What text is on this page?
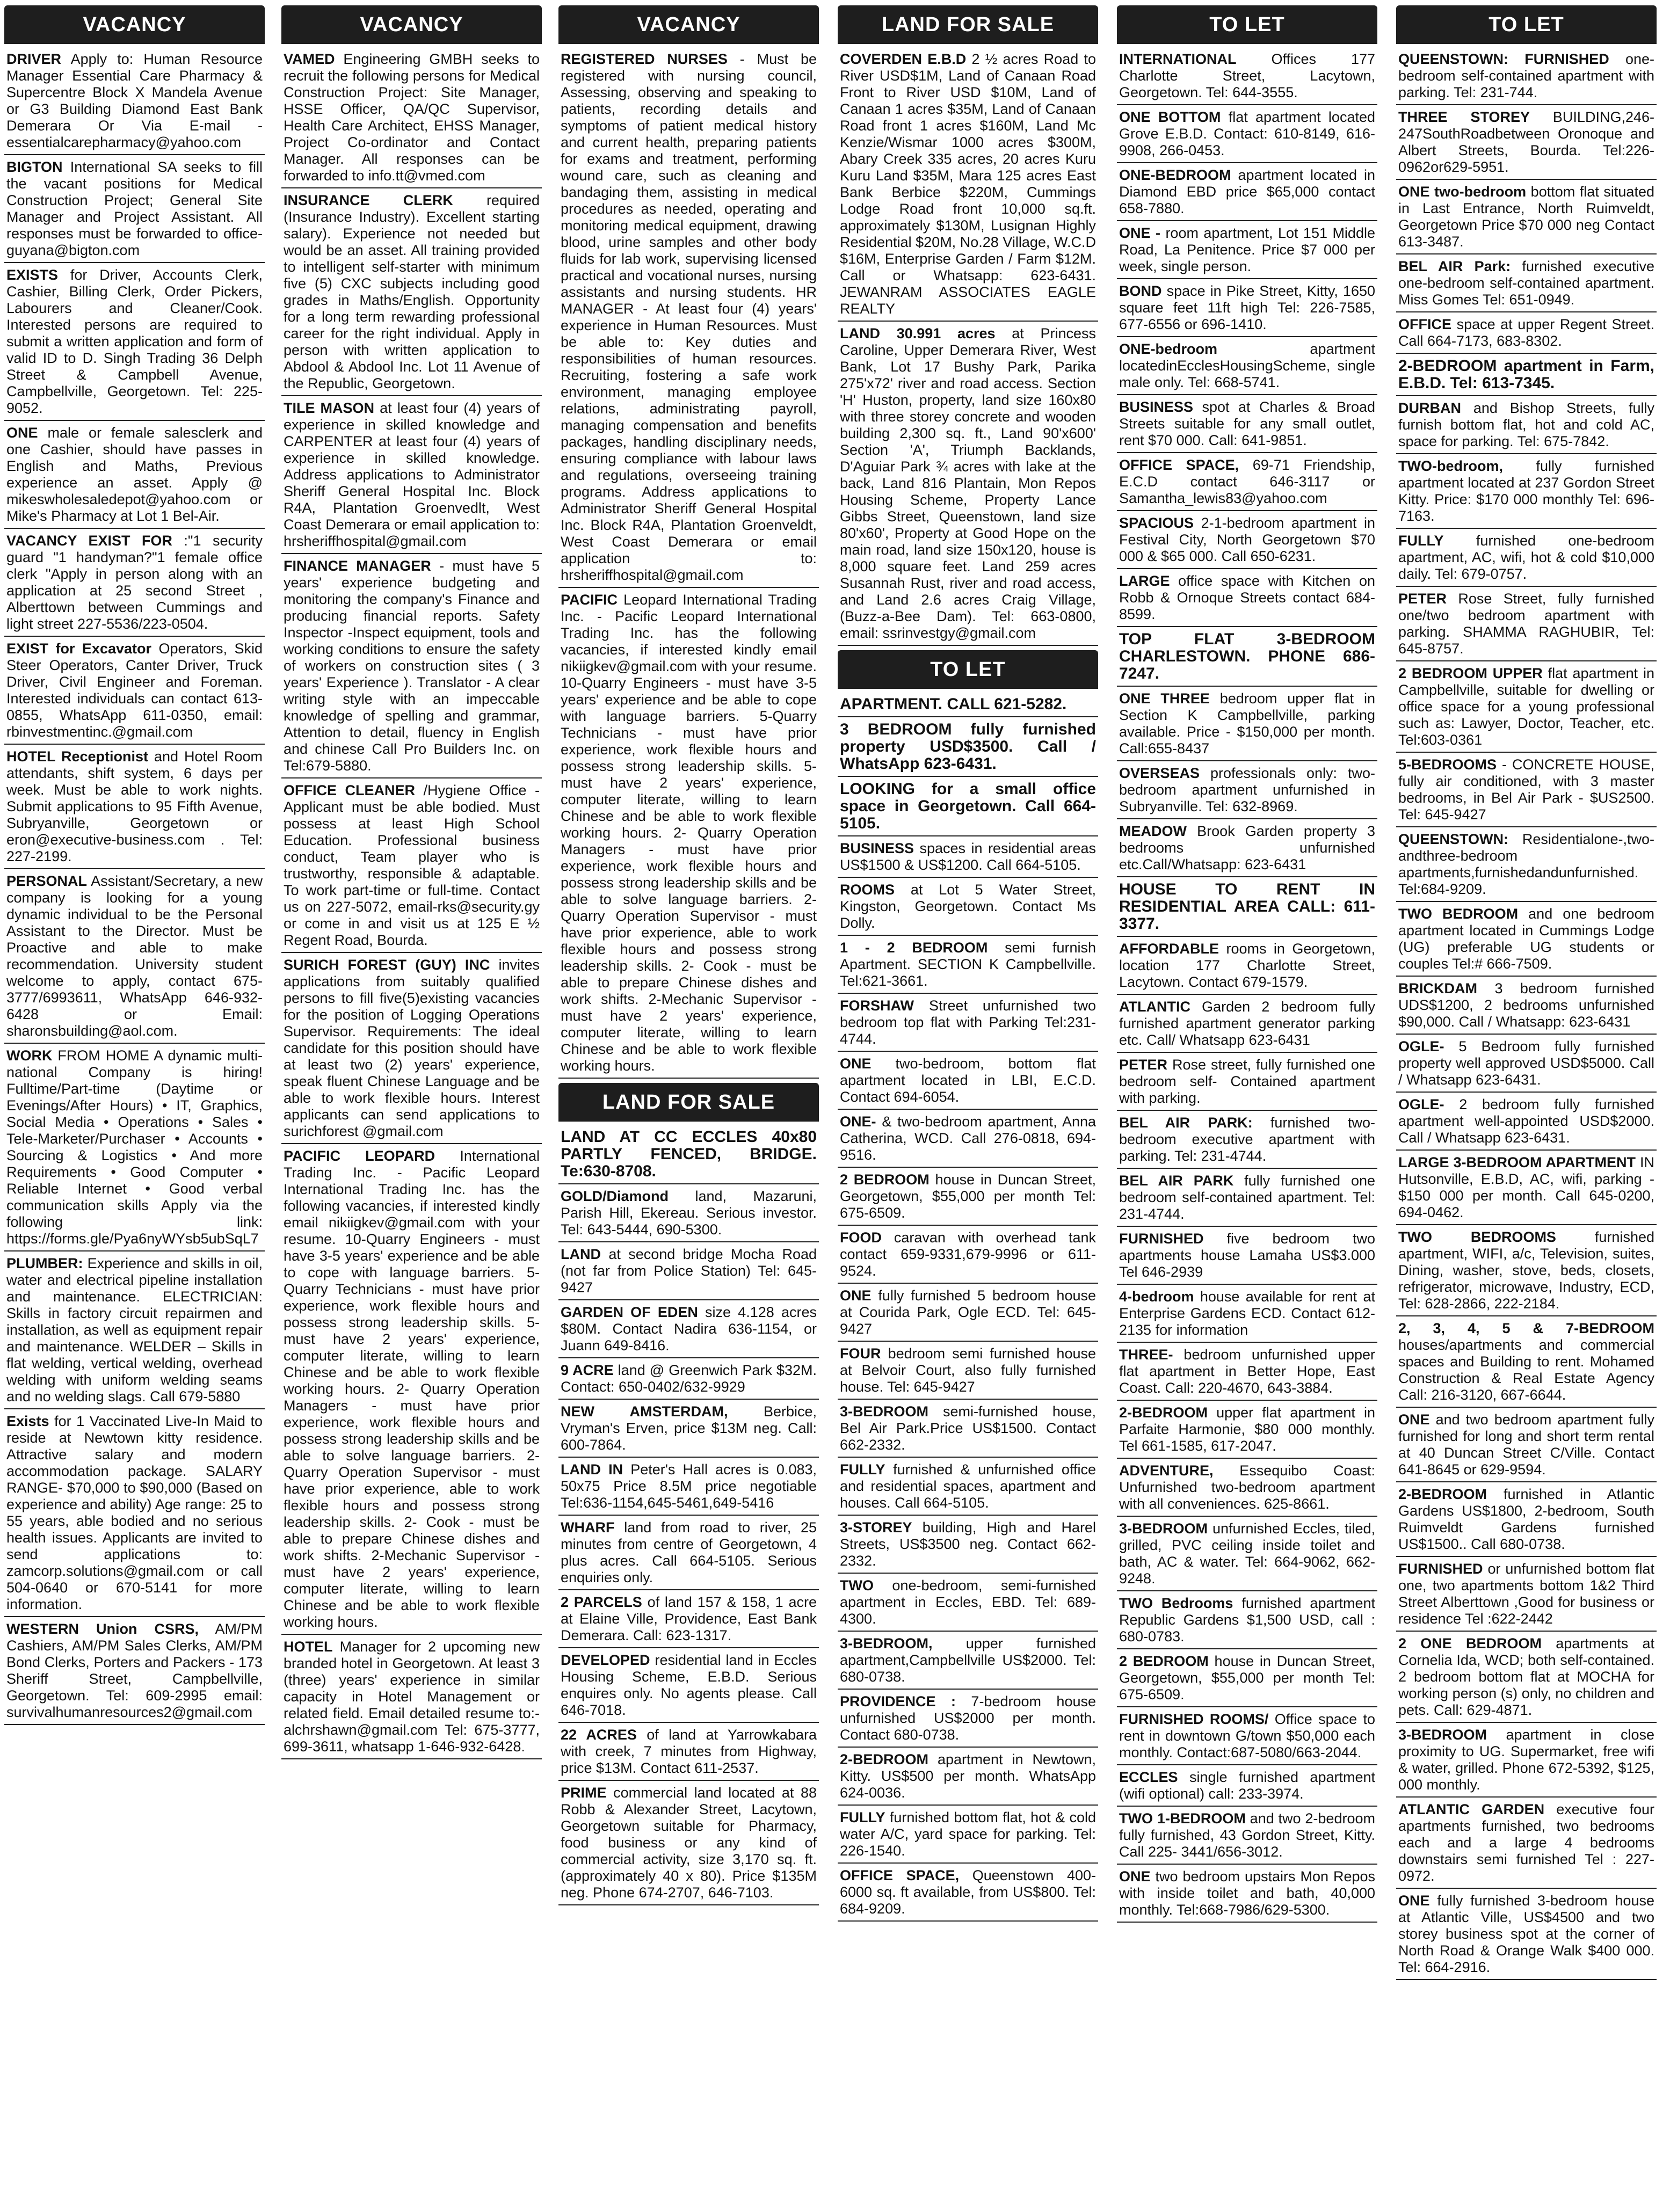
VACANCY
DRIVER Apply to: Human Resource Manager Essential Care Pharmacy & Supercentre Block X Mandela Avenue or G3 Building Diamond East Bank Demerara Or Via E-mail - essentialcarepharmacy@yahoo.com
BIGTON International SA seeks to fill the vacant positions for Medical Construction Project; General Site Manager and Project Assistant. All responses must be forwarded to office-guyana@bigton.com
EXISTS for Driver, Accounts Clerk, Cashier, Billing Clerk, Order Pickers, Labourers and Cleaner/Cook. Interested persons are required to submit a written application and form of valid ID to D. Singh Trading 36 Delph Street & Campbell Avenue, Campbellville, Georgetown. Tel: 225-9052.
ONE male or female salesclerk and one Cashier, should have passes in English and Maths, Previous experience an asset. Apply @ mikeswholesaledepot@yahoo.com or Mike's Pharmacy at Lot 1 Bel-Air.
VACANCY EXIST FOR :"1 security guard "1 handyman?"1 female office clerk "Apply in person along with an application at 25 second Street , Alberttown between Cummings and light street 227-5536/223-0504.
EXIST for Excavator Operators, Skid Steer Operators, Canter Driver, Truck Driver, Civil Engineer and Foreman. Interested individuals can contact 613-0855, WhatsApp 611-0350, email: rbinvestmentinc.@gmail.com
HOTEL Receptionist and Hotel Room attendants, shift system, 6 days per week. Must be able to work nights. Submit applications to 95 Fifth Avenue, Subryanville, Georgetown or eron@executive-business.com . Tel: 227-2199.
PERSONAL Assistant/Secretary, a new company is looking for a young dynamic individual to be the Personal Assistant to the Director. Must be Proactive and able to make recommendation. University student welcome to apply, contact 675-3777/6993611, WhatsApp 646-932-6428 or Email: sharonsbuilding@aol.com.
WORK FROM HOME A dynamic multi-national Company is hiring! Fulltime/Part-time (Daytime or Evenings/After Hours) • IT, Graphics, Social Media • Operations • Sales • Tele-Marketer/Purchaser • Accounts • Sourcing & Logistics • And more Requirements • Good Computer • Reliable Internet • Good verbal communication skills Apply via the following link: https://forms.gle/Pya6nyWYsb5ubSqL7
PLUMBER: Experience and skills in oil, water and electrical pipeline installation and maintenance. ELECTRICIAN: Skills in factory circuit repairmen and installation, as well as equipment repair and maintenance. WELDER – Skills in flat welding, vertical welding, overhead welding with uniform welding seams and no welding slags. Call 679-5880
Exists for 1 Vaccinated Live-In Maid to reside at Newtown kitty residence. Attractive salary and modern accommodation package. SALARY RANGE- $70,000 to $90,000 (Based on experience and ability) Age range: 25 to 55 years, able bodied and no serious health issues. Applicants are invited to send applications to: zamcorp.solutions@gmail.com or call 504-0640 or 670-5141 for more information.
WESTERN Union CSRS, AM/PM Cashiers, AM/PM Sales Clerks, AM/PM Bond Clerks, Porters and Packers - 173 Sheriff Street, Campbellville, Georgetown. Tel: 609-2995 email: survivalhumanresources2@gmail.com
VACANCY
VAMED Engineering GMBH seeks to recruit the following persons for Medical Construction Project: Site Manager, HSSE Officer, QA/QC Supervisor, Health Care Architect, EHSS Manager, Project Co-ordinator and Contact Manager. All responses can be forwarded to info.tt@vmed.com
INSURANCE CLERK required (Insurance Industry). Excellent starting salary). Experience not needed but would be an asset. All training provided to intelligent self-starter with minimum five (5) CXC subjects including good grades in Maths/English. Opportunity for a long term rewarding professional career for the right individual. Apply in person with written application to Abdool & Abdool Inc. Lot 11 Avenue of the Republic, Georgetown.
TILE MASON at least four (4) years of experience in skilled knowledge and CARPENTER at least four (4) years of experience in skilled knowledge. Address applications to Administrator Sheriff General Hospital Inc. Block R4A, Plantation Groenvedlt, West Coast Demerara or email application to: hrsheriffhospital@gmail.com
FINANCE MANAGER - must have 5 years' experience budgeting and monitoring the company's Finance and producing financial reports. Safety Inspector -Inspect equipment, tools and working conditions to ensure the safety of workers on construction sites ( 3 years' Experience ). Translator - A clear writing style with an impeccable knowledge of spelling and grammar, Attention to detail, fluency in English and chinese Call Pro Builders Inc. on Tel:679-5880.
OFFICE CLEANER /Hygiene Office - Applicant must be able bodied. Must possess at least High School Education. Professional business conduct, Team player who is trustworthy, responsible & adaptable. To work part-time or full-time. Contact us on 227-5072, email-rks@security.gy or come in and visit us at 125 E ½ Regent Road, Bourda.
SURICH FOREST (GUY) INC invites applications from suitably qualified persons to fill five(5)existing vacancies for the position of Logging Operations Supervisor. Requirements: The ideal candidate for this position should have at least two (2) years' experience, speak fluent Chinese Language and be able to work flexible hours. Interest applicants can send applications to surichforest @gmail.com
PACIFIC LEOPARD International Trading Inc. - Pacific Leopard International Trading Inc. has the following vacancies, if interested kindly email nikiigkev@gmail.com with your resume. 10-Quarry Engineers - must have 3-5 years' experience and be able to cope with language barriers. 5-Quarry Technicians - must have prior experience, work flexible hours and possess strong leadership skills. 5-must have 2 years' experience, computer literate, willing to learn Chinese and be able to work flexible working hours. 2- Quarry Operation Managers - must have prior experience, work flexible hours and possess strong leadership skills and be able to solve language barriers. 2- Quarry Operation Supervisor - must have prior experience, able to work flexible hours and possess strong leadership skills. 2- Cook - must be able to prepare Chinese dishes and work shifts. 2-Mechanic Supervisor - must have 2 years' experience, computer literate, willing to learn Chinese and be able to work flexible working hours.
HOTEL Manager for 2 upcoming new branded hotel in Georgetown. At least 3 (three) years' experience in similar capacity in Hotel Management or related field. Email detailed resume to:- alchrshawn@gmail.com Tel: 675-3777, 699-3611, whatsapp 1-646-932-6428.
VACANCY
REGISTERED NURSES - Must be registered with nursing council, Assessing, observing and speaking to patients, recording details and symptoms of patient medical history and current health, preparing patients for exams and treatment, performing wound care, such as cleaning and bandaging them, assisting in medical procedures as needed, operating and monitoring medical equipment, drawing blood, urine samples and other body fluids for lab work, supervising licensed practical and vocational nurses, nursing assistants and nursing students. HR MANAGER - At least four (4) years' experience in Human Resources. Must be able to: Key duties and responsibilities of human resources. Recruiting, fostering a safe work environment, managing employee relations, administrating payroll, managing compensation and benefits packages, handling disciplinary needs, ensuring compliance with labour laws and regulations, overseeing training programs. Address applications to Administrator Sheriff General Hospital Inc. Block R4A, Plantation Groenveldt, West Coast Demerara or email application to: hrsheriffhospital@gmail.com
PACIFIC Leopard International Trading Inc. - Pacific Leopard International Trading Inc. has the following vacancies, if interested kindly email nikiigkev@gmail.com with your resume. 10-Quarry Engineers - must have 3-5 years' experience and be able to cope with language barriers. 5-Quarry Technicians - must have prior experience, work flexible hours and possess strong leadership skills. 5-must have 2 years' experience, computer literate, willing to learn Chinese and be able to work flexible working hours. 2- Quarry Operation Managers - must have prior experience, work flexible hours and possess strong leadership skills and be able to solve language barriers. 2- Quarry Operation Supervisor - must have prior experience, able to work flexible hours and possess strong leadership skills. 2- Cook - must be able to prepare Chinese dishes and work shifts. 2-Mechanic Supervisor - must have 2 years' experience, computer literate, willing to learn Chinese and be able to work flexible working hours.
LAND FOR SALE
LAND AT CC ECCLES 40x80 PARTLY FENCED, BRIDGE. Te:630-8708.
GOLD/Diamond land, Mazaruni, Parish Hill, Ekereau. Serious investor. Tel: 643-5444, 690-5300.
LAND at second bridge Mocha Road (not far from Police Station) Tel: 645-9427
GARDEN OF EDEN size 4.128 acres $80M. Contact Nadira 636-1154, or Juann 649-8416.
9 ACRE land @ Greenwich Park $32M. Contact: 650-0402/632-9929
NEW AMSTERDAM, Berbice, Vryman's Erven, price $13M neg. Call: 600-7864.
LAND IN Peter's Hall acres is 0.083, 50x75 Price 8.5M price negotiable Tel:636-1154,645-5461,649-5416
WHARF land from road to river, 25 minutes from centre of Georgetown, 4 plus acres. Call 664-5105. Serious enquiries only.
2 PARCELS of land 157 & 158, 1 acre at Elaine Ville, Providence, East Bank Demerara. Call: 623-1317.
DEVELOPED residential land in Eccles Housing Scheme, E.B.D. Serious enquires only. No agents please. Call 646-7018.
22 ACRES of land at Yarrowkabara with creek, 7 minutes from Highway, price $13M. Contact 611-2537.
PRIME commercial land located at 88 Robb & Alexander Street, Lacytown, Georgetown suitable for Pharmacy, food business or any kind of commercial activity, size 3,170 sq. ft. (approximately 40 x 80). Price $135M neg. Phone 674-2707, 646-7103.
LAND FOR SALE
COVERDEN E.B.D 2 ½ acres Road to River USD$1M, Land of Canaan Road Front to River USD $10M, Land of Canaan 1 acres $35M, Land of Canaan Road front 1 acres $160M, Land Mc Kenzie/Wismar 1000 acres $300M, Abary Creek 335 acres, 20 acres Kuru Kuru Land $35M, Mara 125 acres East Bank Berbice $220M, Cummings Lodge Road front 10,000 sq.ft. approximately $130M, Lusignan Highly Residential $20M, No.28 Village, W.C.D $16M, Enterprise Garden / Farm $12M. Call or Whatsapp: 623-6431. JEWANRAM ASSOCIATES EAGLE REALTY
LAND 30.991 acres at Princess Caroline, Upper Demerara River, West Bank, Lot 17 Bushy Park, Parika 275'x72' river and road access. Section 'H' Huston, property, land size 160x80 with three storey concrete and wooden building 2,300 sq. ft., Land 90'x600' Section 'A', Triumph Backlands, D'Aguiar Park ¾ acres with lake at the back, Land 816 Plantain, Mon Repos Housing Scheme, Property Lance Gibbs Street, Queenstown, land size 80'x60', Property at Good Hope on the main road, land size 150x120, house is 8,000 square feet. Land 259 acres Susannah Rust, river and road access, and Land 2.6 acres Craig Village, (Buzz-a-Bee Dam). Tel: 663-0800, email: ssrinvestgy@gmail.com
TO LET
APARTMENT. CALL 621-5282.
3 BEDROOM fully furnished property USD$3500. Call / WhatsApp 623-6431.
LOOKING for a small office space in Georgetown. Call 664-5105.
BUSINESS spaces in residential areas US$1500 & US$1200. Call 664-5105.
ROOMS at Lot 5 Water Street, Kingston, Georgetown. Contact Ms Dolly.
1 - 2 BEDROOM semi furnish Apartment. SECTION K Campbellville. Tel:621-3661.
FORSHAW Street unfurnished two bedroom top flat with Parking Tel:231-4744.
ONE two-bedroom, bottom flat apartment located in LBI, E.C.D. Contact 694-6054.
ONE- & two-bedroom apartment, Anna Catherina, WCD. Call 276-0818, 694-9516.
2 BEDROOM house in Duncan Street, Georgetown, $55,000 per month Tel: 675-6509.
FOOD caravan with overhead tank contact 659-9331,679-9996 or 611-9524.
ONE fully furnished 5 bedroom house at Courida Park, Ogle ECD. Tel: 645-9427
FOUR bedroom semi furnished house at Belvoir Court, also fully furnished house. Tel: 645-9427
3-BEDROOM semi-furnished house, Bel Air Park.Price US$1500. Contact 662-2332.
FULLY furnished & unfurnished office and residential spaces, apartment and houses. Call 664-5105.
3-STOREY building, High and Harel Streets, US$3500 neg. Contact 662-2332.
TWO one-bedroom, semi-furnished apartment in Eccles, EBD. Tel: 689-4300.
3-BEDROOM, upper furnished apartment,Campbellville US$2000. Tel: 680-0738.
PROVIDENCE : 7-bedroom house unfurnished US$2000 per month. Contact 680-0738.
2-BEDROOM apartment in Newtown, Kitty. US$500 per month. WhatsApp 624-0036.
FULLY furnished bottom flat, hot & cold water A/C, yard space for parking. Tel: 226-1540.
OFFICE SPACE, Queenstown 400-6000 sq. ft available, from US$800. Tel: 684-9209.
TO LET
INTERNATIONAL Offices 177 Charlotte Street, Lacytown, Georgetown. Tel: 644-3555.
ONE BOTTOM flat apartment located Grove E.B.D. Contact: 610-8149, 616-9908, 266-0453.
ONE-BEDROOM apartment located in Diamond EBD price $65,000 contact 658-7880.
ONE - room apartment, Lot 151 Middle Road, La Penitence. Price $7 000 per week, single person.
BOND space in Pike Street, Kitty, 1650 square feet 11ft high Tel: 226-7585, 677-6556 or 696-1410.
ONE-bedroom	apartment locatedinEcclesHousingScheme, single male only. Tel: 668-5741.
BUSINESS spot at Charles & Broad Streets suitable for any small outlet, rent $70 000. Call: 641-9851.
OFFICE SPACE, 69-71 Friendship, E.C.D contact 646-3117 or Samantha_lewis83@yahoo.com
SPACIOUS 2-1-bedroom apartment in Festival City, North Georgetown $70 000 & $65 000. Call 650-6231.
LARGE office space with Kitchen on Robb & Ornoque Streets contact 684-8599.
TOP FLAT 3-BEDROOM CHARLESTOWN. PHONE 686-7247.
ONE THREE bedroom upper flat in Section K Campbellville, parking available. Price - $150,000 per month. Call:655-8437
OVERSEAS professionals only: two-bedroom apartment unfurnished in Subryanville. Tel: 632-8969.
MEADOW Brook Garden property 3 bedrooms unfurnished etc.Call/Whatsapp: 623-6431
HOUSE TO RENT IN RESIDENTIAL AREA CALL: 611-3377.
AFFORDABLE rooms in Georgetown, location 177 Charlotte Street, Lacytown. Contact 679-1579.
ATLANTIC Garden 2 bedroom fully furnished apartment generator parking etc. Call/ Whatsapp 623-6431
PETER Rose street, fully furnished one bedroom self- Contained apartment with parking.
BEL AIR PARK: furnished two-bedroom executive apartment with parking. Tel: 231-4744.
BEL AIR PARK fully furnished one bedroom self-contained apartment. Tel: 231-4744.
FURNISHED five bedroom two apartments house Lamaha US$3.000 Tel 646-2939
4-bedroom house available for rent at Enterprise Gardens ECD. Contact 612-2135 for information
THREE- bedroom unfurnished upper flat apartment in Better Hope, East Coast. Call: 220-4670, 643-3884.
2-BEDROOM upper flat apartment in Parfaite Harmonie, $80 000 monthly. Tel 661-1585, 617-2047.
ADVENTURE, Essequibo Coast: Unfurnished two-bedroom apartment with all conveniences. 625-8661.
3-BEDROOM unfurnished Eccles, tiled, grilled, PVC ceiling inside toilet and bath, AC & water. Tel: 664-9062, 662-9248.
TWO Bedrooms furnished apartment Republic Gardens $1,500 USD, call : 680-0783.
2 BEDROOM house in Duncan Street, Georgetown, $55,000 per month Tel: 675-6509.
FURNISHED ROOMS/ Office space to rent in downtown G/town $50,000 each monthly. Contact:687-5080/663-2044.
ECCLES single furnished apartment (wifi optional) call: 233-3974.
TWO 1-BEDROOM and two 2-bedroom fully furnished, 43 Gordon Street, Kitty. Call 225- 3441/656-3012.
ONE two bedroom upstairs Mon Repos with inside toilet and bath, 40,000 monthly. Tel:668-7986/629-5300.
TO LET
QUEENSTOWN: FURNISHED one-bedroom self-contained apartment with parking. Tel: 231-744.
THREE STOREY BUILDING,246-247SouthRoadbetween Oronoque and Albert Streets, Bourda. Tel:226-0962or629-5951.
ONE two-bedroom bottom flat situated in Last Entrance, North Ruimveldt, Georgetown Price $70 000 neg Contact 613-3487.
BEL AIR Park: furnished executive one-bedroom self-contained apartment. Miss Gomes Tel: 651-0949.
OFFICE space at upper Regent Street. Call 664-7173, 683-8302.
2-BEDROOM apartment in Farm, E.B.D. Tel: 613-7345.
DURBAN and Bishop Streets, fully furnish bottom flat, hot and cold AC, space for parking. Tel: 675-7842.
TWO-bedroom, fully furnished apartment located at 237 Gordon Street Kitty. Price: $170 000 monthly Tel: 696-7163.
FULLY furnished one-bedroom apartment, AC, wifi, hot & cold $10,000 daily. Tel: 679-0757.
PETER Rose Street, fully furnished one/two bedroom apartment with parking. SHAMMA RAGHUBIR, Tel: 645-8757.
2 BEDROOM UPPER flat apartment in Campbellville, suitable for dwelling or office space for a young professional such as: Lawyer, Doctor, Teacher, etc. Tel:603-0361
5-BEDROOMS - CONCRETE HOUSE, fully air conditioned, with 3 master bedrooms, in Bel Air Park - $US2500. Tel: 645-9427
QUEENSTOWN: Residentialone-,two-andthree-bedroom apartments,furnishedandunfurnished. Tel:684-9209.
TWO BEDROOM and one bedroom apartment located in Cummings Lodge (UG) preferable UG students or couples Tel:# 666-7509.
BRICKDAM 3 bedroom furnished UDS$1200, 2 bedrooms unfurnished $90,000. Call / Whatsapp: 623-6431
OGLE- 5 Bedroom fully furnished property well approved USD$5000. Call / Whatsapp 623-6431.
OGLE- 2 bedroom fully furnished apartment well-appointed USD$2000. Call / Whatsapp 623-6431.
LARGE 3-BEDROOM APARTMENT IN Hutsonville, E.B.D, AC, wifi, parking - $150 000 per month. Call 645-0200, 694-0462.
TWO BEDROOMS	furnished apartment, WIFI, a/c, Television, suites, Dining, washer, stove, beds, closets, refrigerator, microwave, Industry, ECD, Tel: 628-2866, 222-2184.
2, 3, 4, 5 & 7-BEDROOM houses/apartments and commercial spaces and Building to rent. Mohamed Construction & Real Estate Agency Call: 216-3120, 667-6644.
ONE and two bedroom apartment fully furnished for long and short term rental at 40 Duncan Street C/Ville. Contact 641-8645 or 629-9594.
2-BEDROOM furnished in Atlantic Gardens US$1800, 2-bedroom, South Ruimveldt Gardens furnished US$1500.. Call 680-0738.
FURNISHED or unfurnished bottom flat one, two apartments bottom 1&2 Third Street Alberttown ,Good for business or residence Tel :622-2442
2 ONE BEDROOM apartments at Cornelia Ida, WCD; both self-contained. 2 bedroom bottom flat at MOCHA for working person (s) only, no children and pets. Call: 629-4871.
3-BEDROOM apartment in close proximity to UG. Supermarket, free wifi & water, grilled. Phone 672-5392, $125, 000 monthly.
ATLANTIC GARDEN executive four apartments furnished, two bedrooms each and a large 4 bedrooms downstairs semi furnished Tel : 227-0972.
ONE fully furnished 3-bedroom house at Atlantic Ville, US$4500 and two storey business spot at the corner of North Road & Orange Walk $400 000. Tel: 664-2916.
